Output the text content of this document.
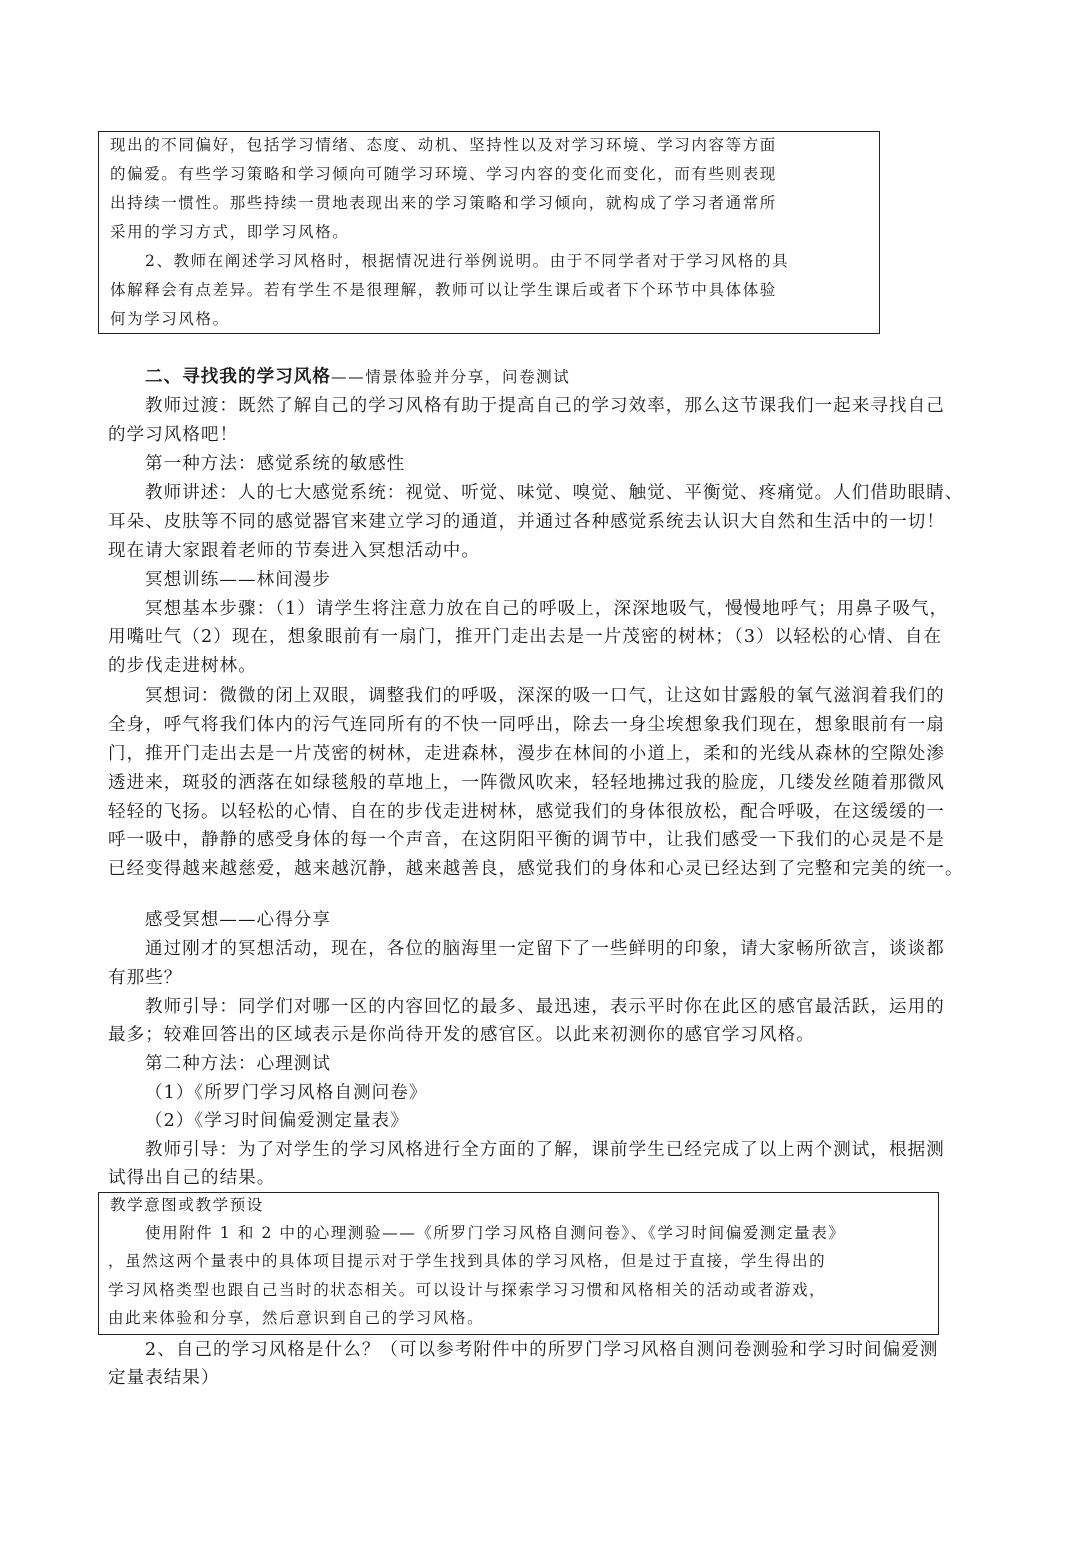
现出的不同偏好，包括学习情绪、态度、动机、坚持性以及对学习环境、学习内容等方面
的偏爱。有些学习策略和学习倾向可随学习环境、学习内容的变化而变化，而有些则表现
出持续一惯性。那些持续一贯地表现出来的学习策略和学习倾向，就构成了学习者通常所
采用的学习方式，即学习风格。
2、教师在阐述学习风格时，根据情况进行举例说明。由于不同学者对于学习风格的具
体解释会有点差异。若有学生不是很理解，教师可以让学生课后或者下个环节中具体体验
何为学习风格。
二、寻找我的学习风格——情景体验并分享，问卷测试
教师过渡：既然了解自己的学习风格有助于提高自己的学习效率，那么这节课我们一起来寻找自己
的学习风格吧！
第一种方法：感觉系统的敏感性
教师讲述：人的七大感觉系统：视觉、听觉、味觉、嗅觉、触觉、平衡觉、疼痛觉。人们借助眼睛、
耳朵、皮肤等不同的感觉器官来建立学习的通道，并通过各种感觉系统去认识大自然和生活中的一切！
现在请大家跟着老师的节奏进入冥想活动中。
冥想训练——林间漫步
冥想基本步骤：（1）请学生将注意力放在自己的呼吸上，深深地吸气，慢慢地呼气；用鼻子吸气，
用嘴吐气（2）现在，想象眼前有一扇门，推开门走出去是一片茂密的树林；（3）以轻松的心情、自在
的步伐走进树林。
冥想词：微微的闭上双眼，调整我们的呼吸，深深的吸一口气，让这如甘露般的氧气滋润着我们的
全身，呼气将我们体内的污气连同所有的不快一同呼出，除去一身尘埃想象我们现在，想象眼前有一扇
门，推开门走出去是一片茂密的树林，走进森林，漫步在林间的小道上，柔和的光线从森林的空隙处渗
透进来，斑驳的洒落在如绿毯般的草地上，一阵微风吹来，轻轻地拂过我的脸庞，几缕发丝随着那微风
轻轻的飞扬。以轻松的心情、自在的步伐走进树林，感觉我们的身体很放松，配合呼吸，在这缓缓的一
呼一吸中，静静的感受身体的每一个声音，在这阴阳平衡的调节中，让我们感受一下我们的心灵是不是
已经变得越来越慈爱，越来越沉静，越来越善良，感觉我们的身体和心灵已经达到了完整和完美的统一。
感受冥想——心得分享
通过刚才的冥想活动，现在，各位的脑海里一定留下了一些鲜明的印象，请大家畅所欲言，谈谈都
有那些？
教师引导：同学们对哪一区的内容回忆的最多、最迅速，表示平时你在此区的感官最活跃，运用的
最多；较难回答出的区域表示是你尚待开发的感官区。以此来初测你的感官学习风格。
第二种方法：心理测试
（1）《所罗门学习风格自测问卷》
（2）《学习时间偏爱测定量表》
教师引导：为了对学生的学习风格进行全方面的了解，课前学生已经完成了以上两个测试，根据测
试得出自己的结果。
教学意图或教学预设
使用附件 1 和 2 中的心理测验——《所罗门学习风格自测问卷》、《学习时间偏爱测定量表》
，虽然这两个量表中的具体项目提示对于学生找到具体的学习风格，但是过于直接，学生得出的
学习风格类型也跟自己当时的状态相关。可以设计与探索学习习惯和风格相关的活动或者游戏，
由此来体验和分享，然后意识到自己的学习风格。
2、自己的学习风格是什么？（可以参考附件中的所罗门学习风格自测问卷测验和学习时间偏爱测
定量表结果）
